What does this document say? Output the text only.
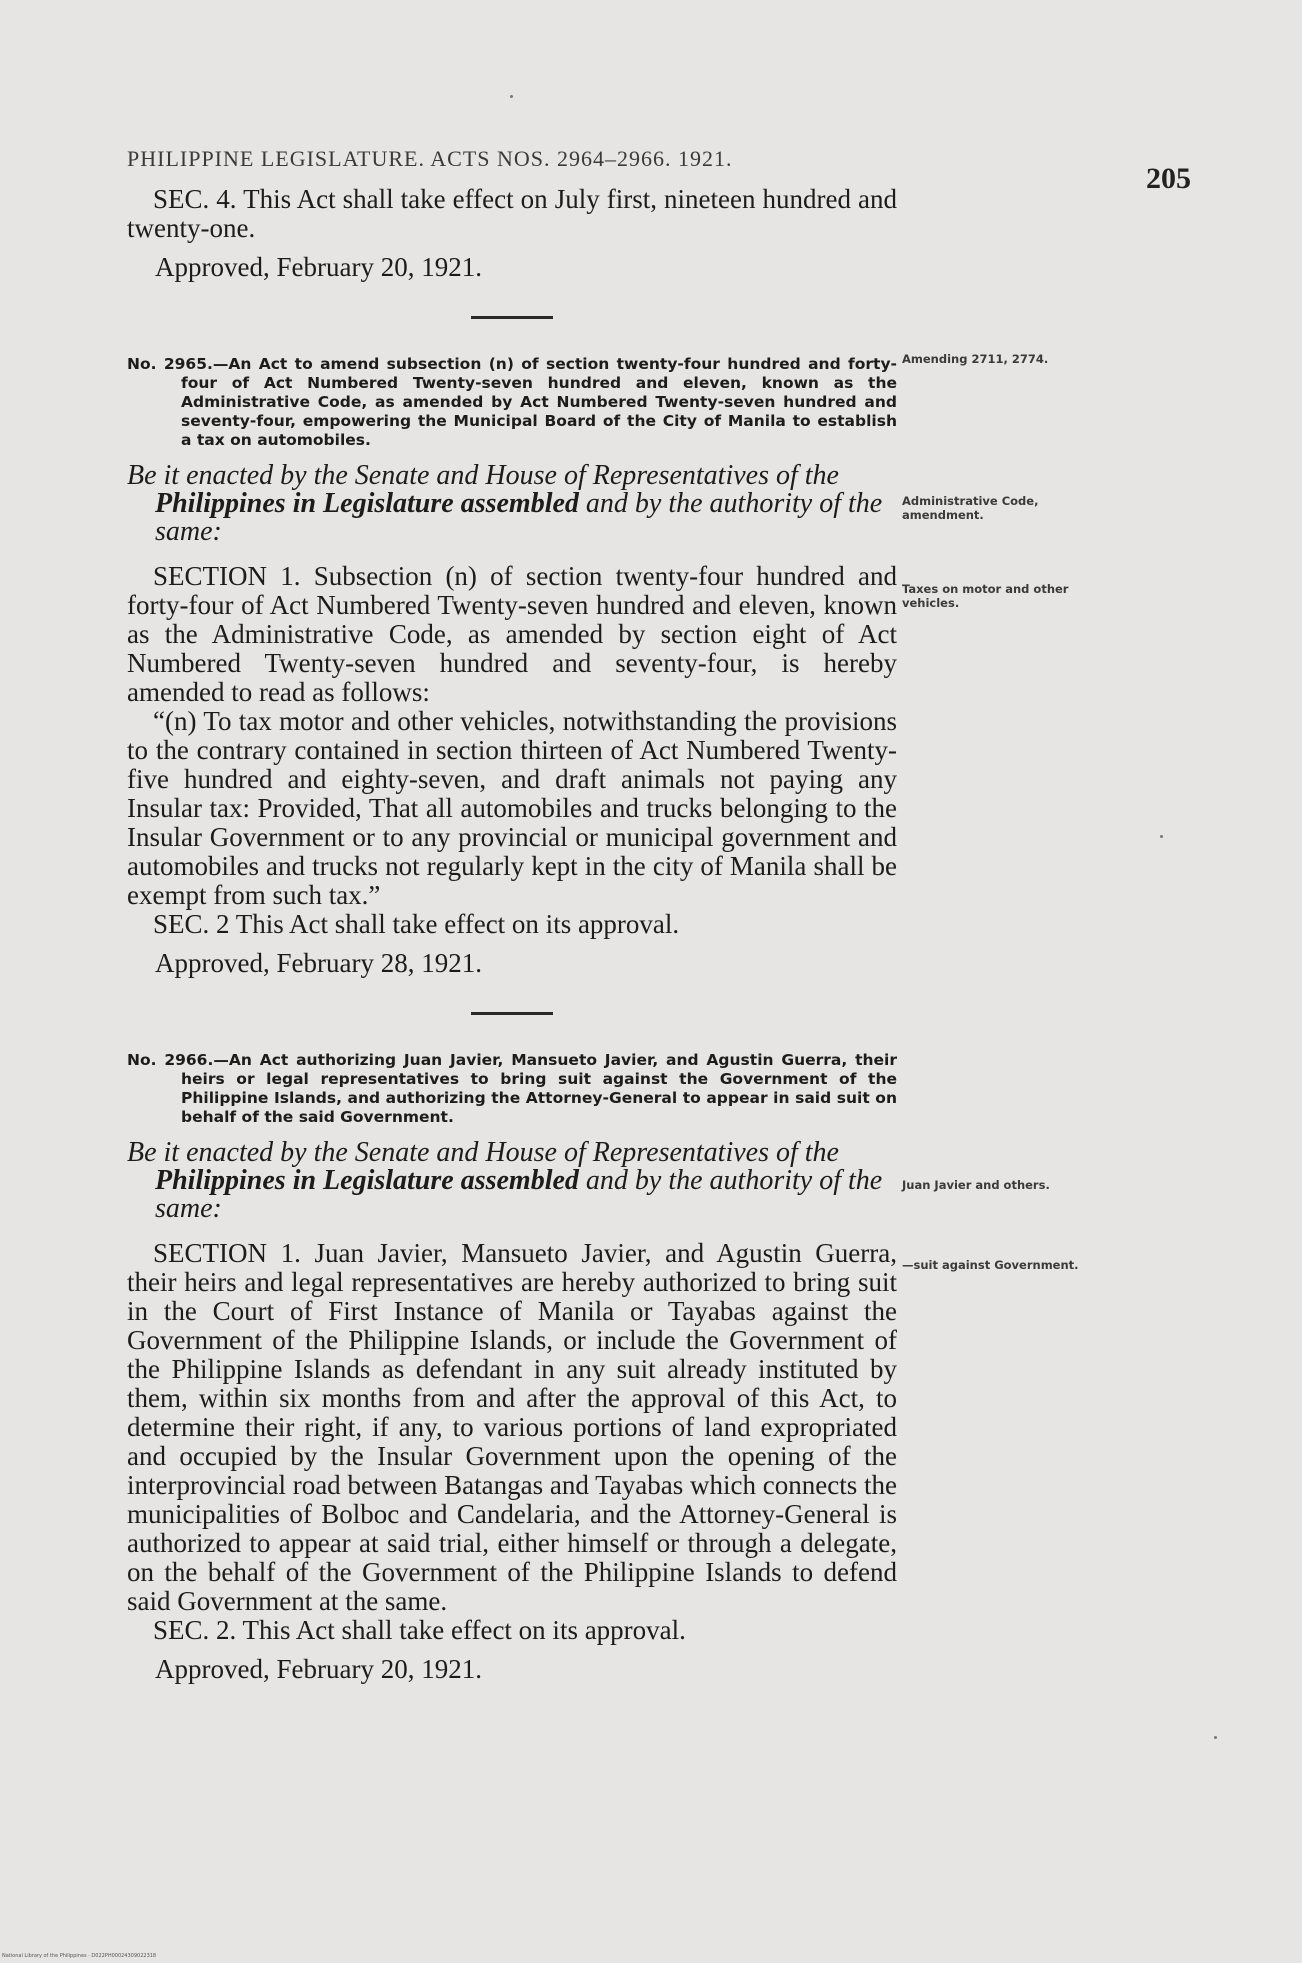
205
PHILIPPINE LEGISLATURE. ACTS NOS. 2964–2966. 1921.

SEC. 4. This Act shall take effect on July first, nineteen hundred and twenty-one.

Approved, February 20, 1921.

No. 2965.—An Act to amend subsection (n) of section twenty-four hundred and forty-four of Act Numbered Twenty-seven hundred and eleven, known as the Administrative Code, as amended by Act Numbered Twenty-seven hundred and seventy-four, empowering the Municipal Board of the City of Manila to establish a tax on automobiles.

Be it enacted by the Senate and House of Representatives of the Philippines in Legislature assembled and by the authority of the same:

SECTION 1. Subsection (n) of section twenty-four hundred and forty-four of Act Numbered Twenty-seven hundred and eleven, known as the Administrative Code, as amended by section eight of Act Numbered Twenty-seven hundred and seventy-four, is hereby amended to read as follows:

“(n) To tax motor and other vehicles, notwithstanding the provisions to the contrary contained in section thirteen of Act Numbered Twenty-five hundred and eighty-seven, and draft animals not paying any Insular tax: Provided, That all automobiles and trucks belonging to the Insular Government or to any provincial or municipal government and automobiles and trucks not regularly kept in the city of Manila shall be exempt from such tax.”

SEC. 2 This Act shall take effect on its approval.

Approved, February 28, 1921.

No. 2966.—An Act authorizing Juan Javier, Mansueto Javier, and Agustin Guerra, their heirs or legal representatives to bring suit against the Government of the Philippine Islands, and authorizing the Attorney-General to appear in said suit on behalf of the said Government.

Be it enacted by the Senate and House of Representatives of the Philippines in Legislature assembled and by the authority of the same:

SECTION 1. Juan Javier, Mansueto Javier, and Agustin Guerra, their heirs and legal representatives are hereby authorized to bring suit in the Court of First Instance of Manila or Tayabas against the Government of the Philippine Islands, or include the Government of the Philippine Islands as defendant in any suit already instituted by them, within six months from and after the approval of this Act, to determine their right, if any, to various portions of land expropriated and occupied by the Insular Government upon the opening of the interprovincial road between Batangas and Tayabas which connects the municipalities of Bolboc and Candelaria, and the Attorney-General is authorized to appear at said trial, either himself or through a delegate, on the behalf of the Government of the Philippine Islands to defend said Government at the same.

SEC. 2. This Act shall take effect on its approval.

Approved, February 20, 1921.

Amending 2711, 2774.
Administrative Code, amendment.
Taxes on motor and other vehicles.
Juan Javier and others.
—suit against Government.
National Library of the Philippines · D022PH00024309022318
